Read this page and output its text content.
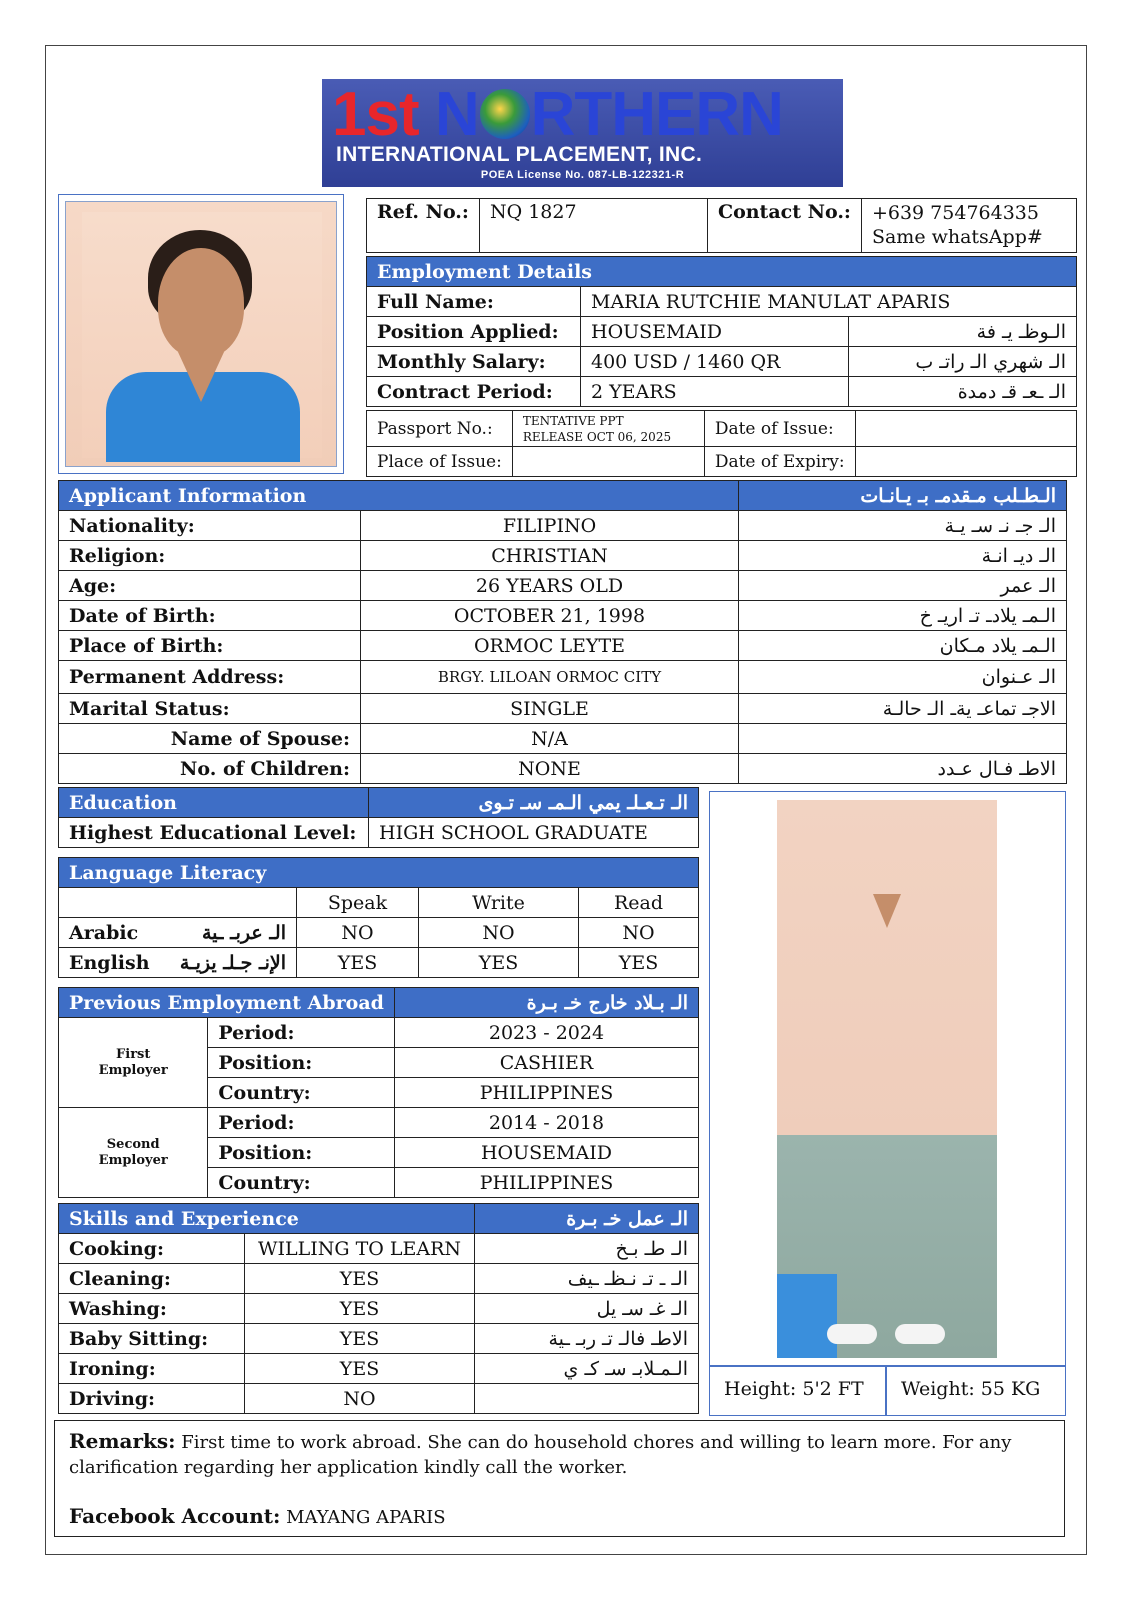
1st N RTHERN
INTERNATIONAL PLACEMENT, INC.
POEA License No. 087-LB-122321-R
Ref. No.:	NQ 1827	Contact No.:	+639 754764335
Same whatsApp#
Employment Details		
Full Name:	MARIA RUTCHIE MANULAT APARIS	
Position Applied:	HOUSEMAID	الـوظـ يـ فة
Monthly Salary:	400 USD / 1460 QR	الـ شهري الـ راتـ ب
Contract Period:	2 YEARS	الـ ـعـ قـ دمدة
Passport No.:	TENTATIVE PPT
RELEASE OCT 06, 2025	Date of Issue:	
Place of Issue:		Date of Expiry:	
Applicant Information		الـطـلب مـقدمـ بـ يـانـات
Nationality:	FILIPINO	الـ جـ نـ سـ يـة
Religion:	CHRISTIAN	الـ ديـ انـة
Age:	26 YEARS OLD	الـ عمر
Date of Birth:	OCTOBER 21, 1998	الـمـ يلادـ تـ اريـ خ
Place of Birth:	ORMOC LEYTE	الـمـ يلاد مـكان
Permanent Address:	BRGY. LILOAN ORMOC CITY	الـ عـنوان
Marital Status:	SINGLE	الاجـ تماعـ يةـ الـ حالـة
Name of Spouse:	N/A	
No. of Children:	NONE	الاطـ فـال عـدد
Education	الـ تـعـلـ يمي الـمـ سـ تـوى
Highest Educational Level:	HIGH SCHOOL GRADUATE
Language Literacy			
	Speak	Write	Read
Arabic الـ عربـ ـية	NO	NO	NO
English الإنـ جـلـ يزيـة	YES	YES	YES
Previous Employment Abroad		الـ بـلاد خارج خـ بـرة

First
Employer	Period:	2023 - 2024
	Position:	CASHIER
	Country:	PHILIPPINES

Second
Employer	Period:	2014 - 2018
	Position:	HOUSEMAID
	Country:	PHILIPPINES
Skills and Experience		الـ عمل خـ بـرة
Cooking:	WILLING TO LEARN	الـ طـ بـخ
Cleaning:	YES	الـ ـ تـ نـظـ ـيف
Washing:	YES	الـ غـ سـ يل
Baby Sitting:	YES	الاطـ فالـ تـ ربـ ـية
Ironing:	YES	الـمـلابـ سـ كـ ي
Driving:	NO		Height: 5'2 FT Weight: 55 KG
Remarks: First time to work abroad. She can do household chores and willing to learn more. For any clarification regarding her application kindly call the worker.
Facebook Account: MAYANG APARIS
